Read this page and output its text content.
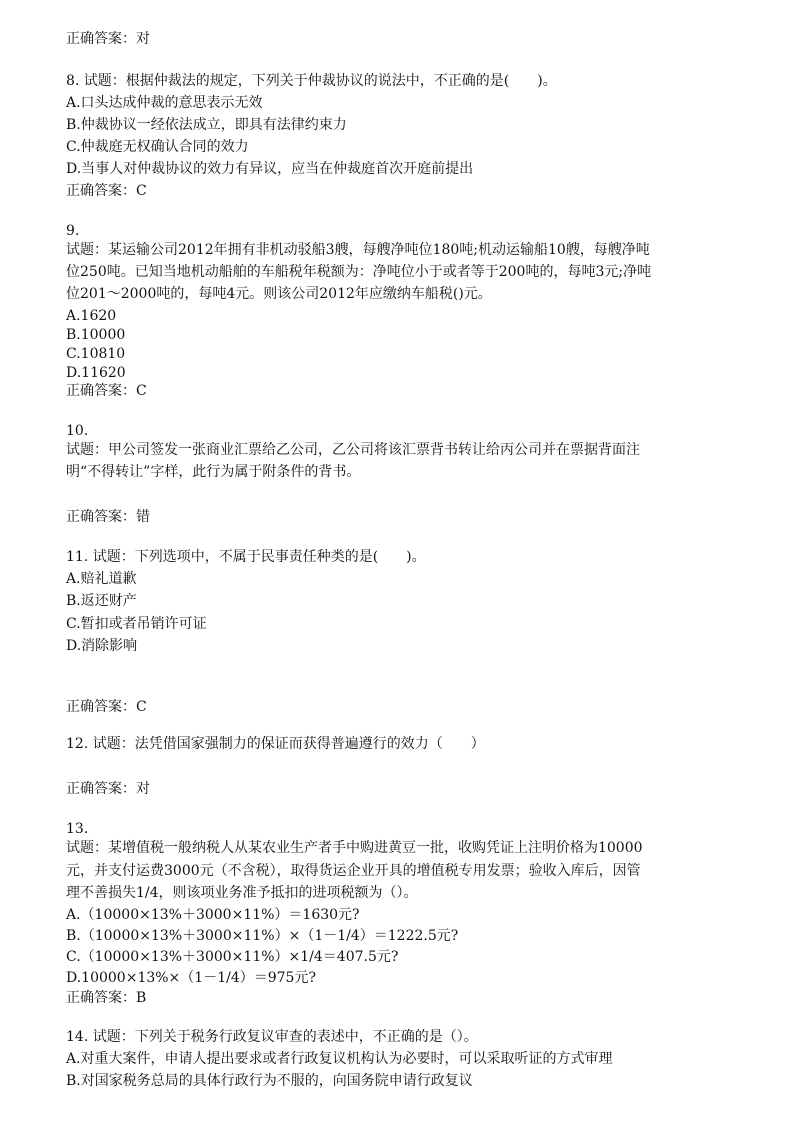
正确答案：对
8. 试题：根据仲裁法的规定，下列关于仲裁协议的说法中，不正确的是(　　)。
A.口头达成仲裁的意思表示无效
B.仲裁协议一经依法成立，即具有法律约束力
C.仲裁庭无权确认合同的效力
D.当事人对仲裁协议的效力有异议，应当在仲裁庭首次开庭前提出
正确答案：C
9.
试题：某运输公司2012年拥有非机动驳船3艘，每艘净吨位180吨;机动运输船10艘，每艘净吨
位250吨。已知当地机动船舶的车船税年税额为：净吨位小于或者等于200吨的，每吨3元;净吨
位201～2000吨的，每吨4元。则该公司2012年应缴纳车船税()元。
A.1620
B.10000
C.10810
D.11620
正确答案：C
10.
试题：甲公司签发一张商业汇票给乙公司，乙公司将该汇票背书转让给丙公司并在票据背面注
明“不得转让”字样，此行为属于附条件的背书。
正确答案：错
11. 试题：下列选项中，不属于民事责任种类的是(　　)。
A.赔礼道歉
B.返还财产
C.暂扣或者吊销许可证
D.消除影响
正确答案：C
12. 试题：法凭借国家强制力的保证而获得普遍遵行的效力（　　）
正确答案：对
13.
试题：某增值税一般纳税人从某农业生产者手中购进黄豆一批，收购凭证上注明价格为10000
元，并支付运费3000元（不含税），取得货运企业开具的增值税专用发票；验收入库后，因管
理不善损失1/4，则该项业务准予抵扣的进项税额为（）。
A.（10000×13%＋3000×11%）＝1630元?
B.（10000×13%＋3000×11%）×（1－1/4）＝1222.5元?
C.（10000×13%＋3000×11%）×1/4＝407.5元?
D.10000×13%×（1－1/4）＝975元?
正确答案：B
14. 试题：下列关于税务行政复议审查的表述中，不正确的是（）。
A.对重大案件，申请人提出要求或者行政复议机构认为必要时，可以采取听证的方式审理
B.对国家税务总局的具体行政行为不服的，向国务院申请行政复议
